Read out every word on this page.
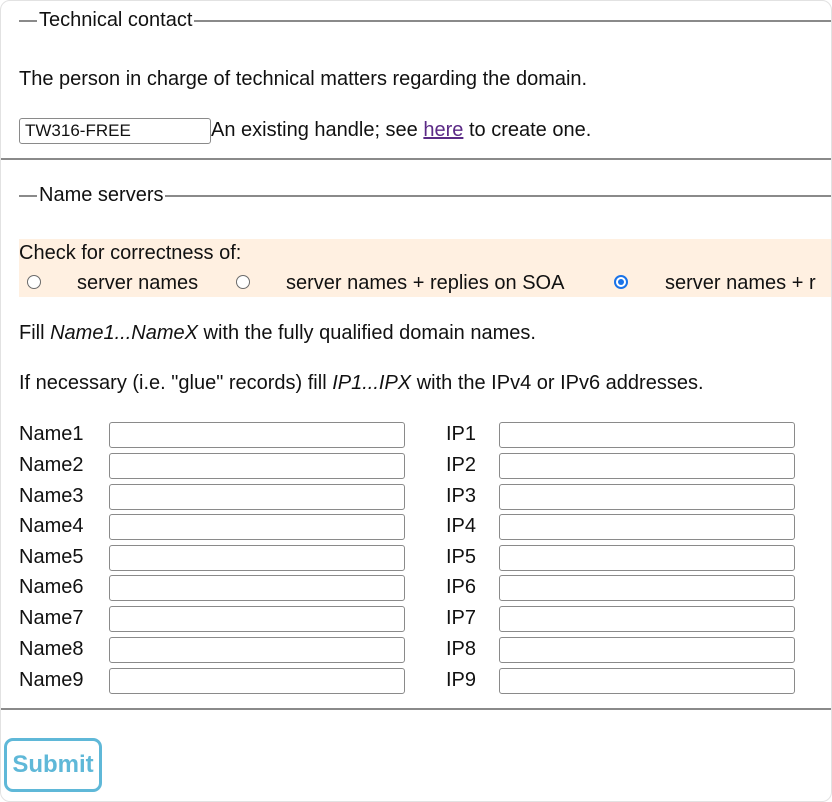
Technical contact
The person in charge of technical matters regarding the domain.
TW316-FREE
An existing handle; see here to create one.
Name servers
Check for correctness of:
server names	server names + replies on SOA	server names + r
Fill Name1...NameX with the fully qualified domain names.
If necessary (i.e. "glue" records) fill IP1...IPX with the IPv4 or IPv6 addresses.
Name1	IP1
Name2	IP2
Name3	IP3
Name4	IP4
Name5	IP5
Name6	IP6
Name7	IP7
Name8	IP8
Name9	IP9
Submit
